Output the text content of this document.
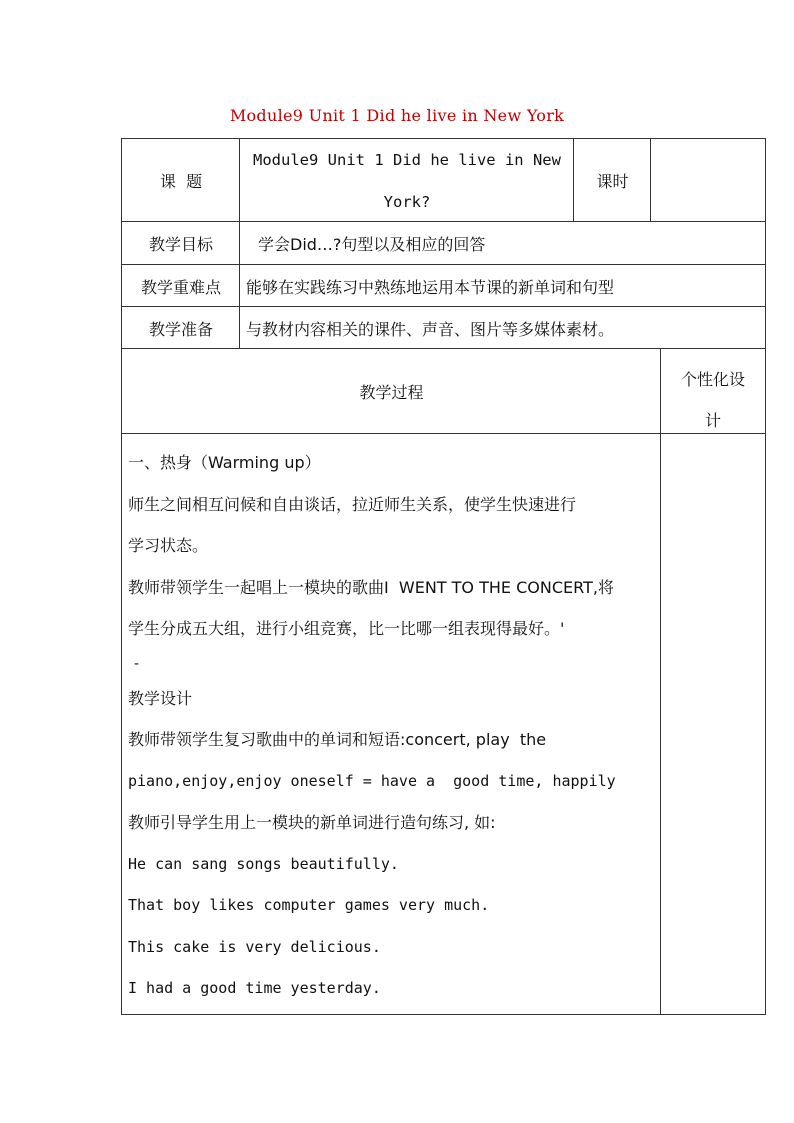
Module9 Unit 1 Did he live in New York
课  题
Module9 Unit 1 Did he live in New
York?
课时
教学目标	学会Did…?句型以及相应的回答
教学重难点 能够在实践练习中熟练地运用本节课的新单词和句型
教学准备 与教材内容相关的课件、声音、图片等多媒体素材。
教学过程
个性化设
计
一、热身（Warming up）
师生之间相互问候和自由谈话，拉近师生关系，使学生快速进行
学习状态。
教师带领学生一起唱上一模块的歌曲I  WENT TO THE CONCERT,将
学生分成五大组，进行小组竞赛，比一比哪一组表现得最好。'
-
教学设计
教师带领学生复习歌曲中的单词和短语:concert, play  the
piano,enjoy,enjoy oneself = have a  good time, happily
教师引导学生用上一模块的新单词进行造句练习, 如:
He can sang songs beautifully.
That boy likes computer games very much.
This cake is very delicious.
I had a good time yesterday.
